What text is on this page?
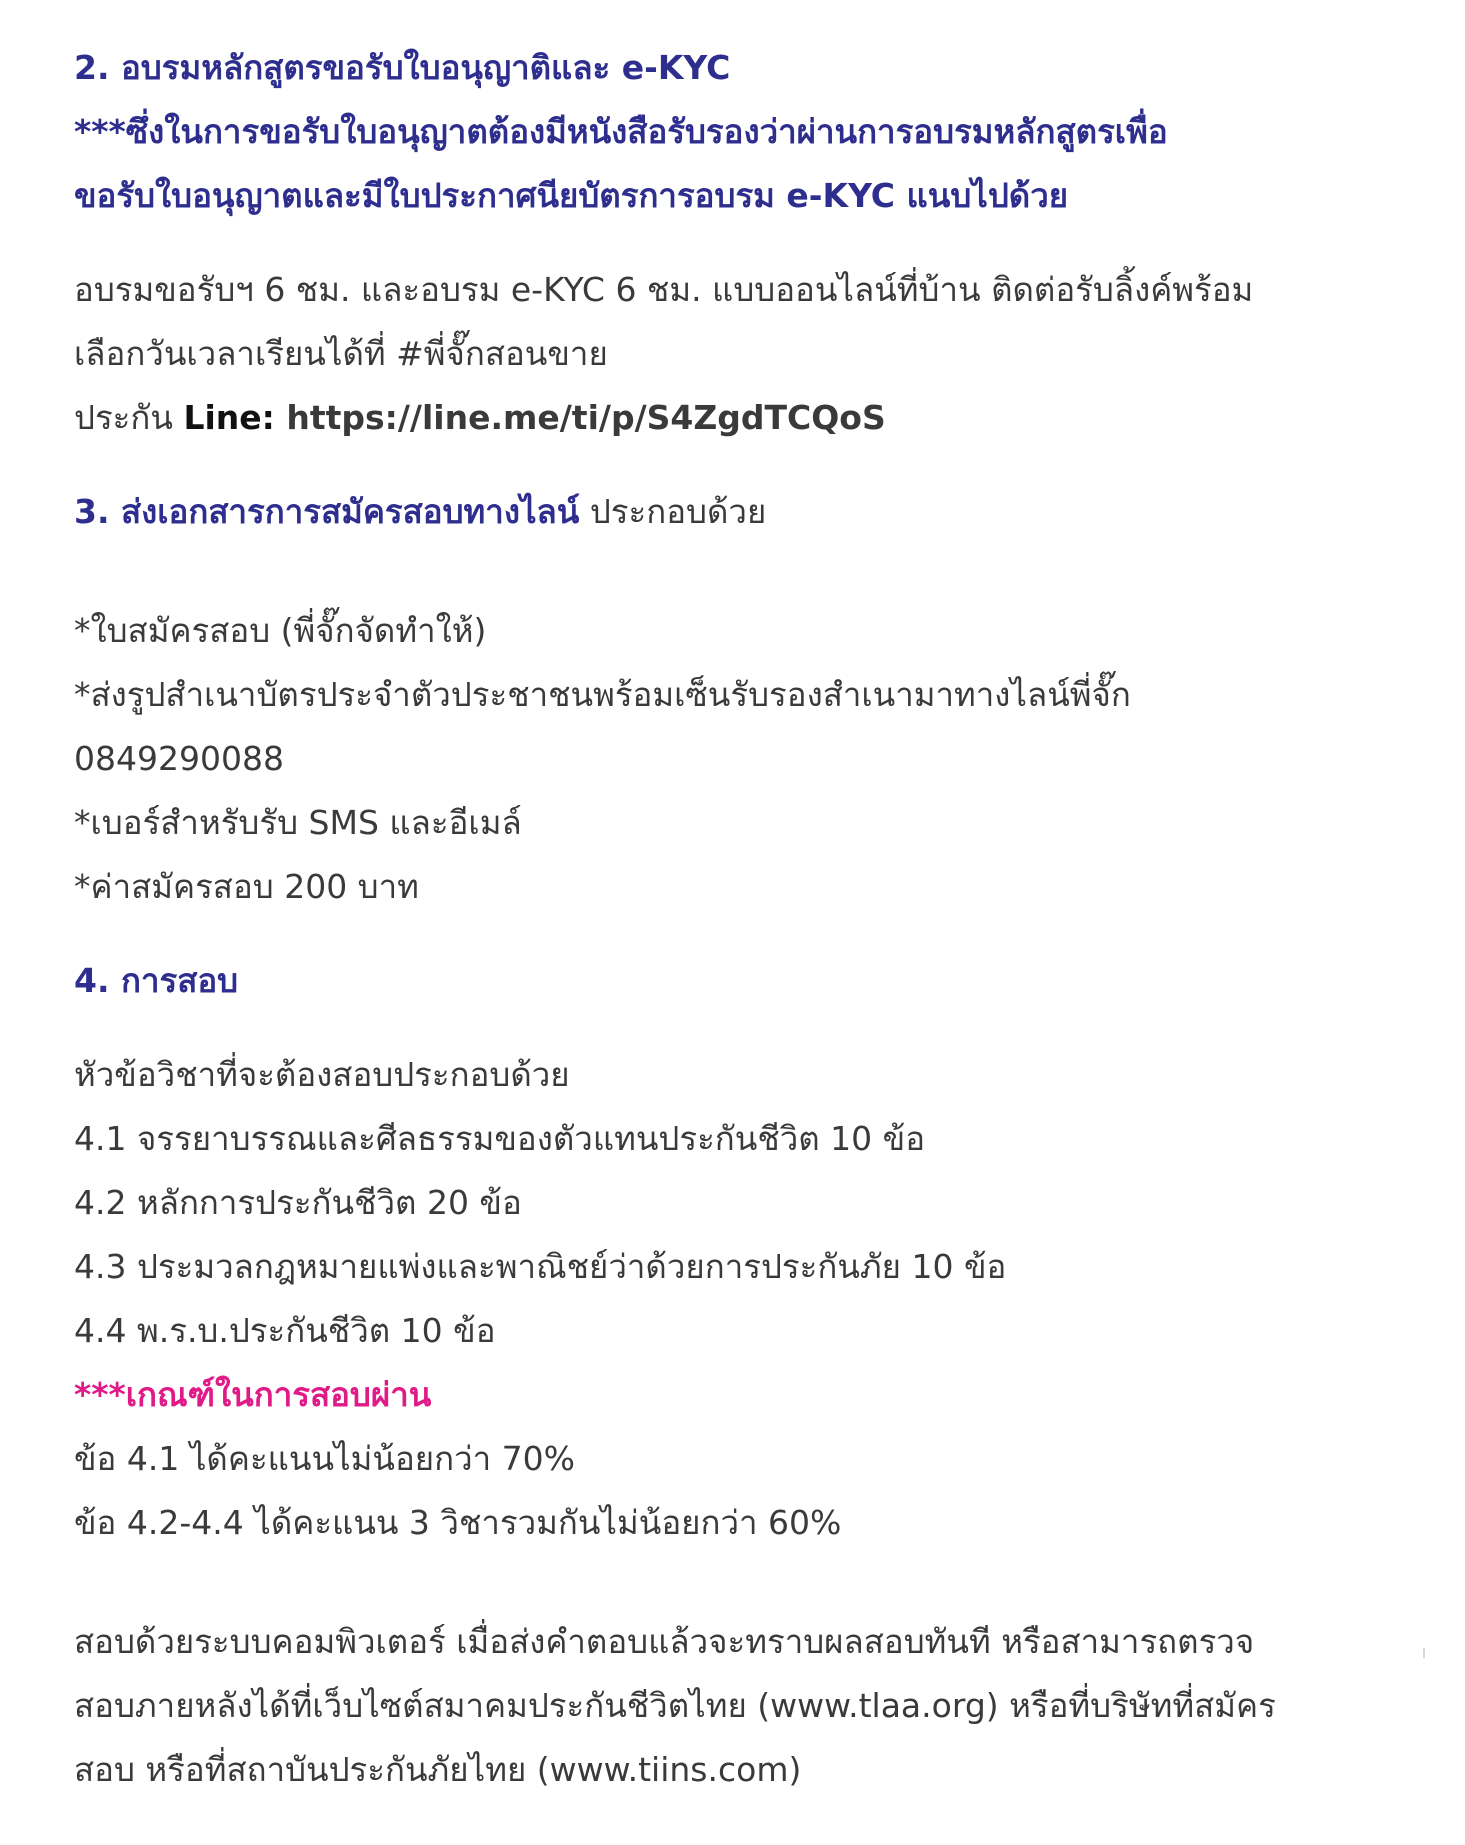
2. อบรมหลักสูตรขอรับใบอนุญาติและ e-KYC
***ซึ่งในการขอรับใบอนุญาตต้องมีหนังสือรับรองว่าผ่านการอบรมหลักสูตรเพื่อ
ขอรับใบอนุญาตและมีใบประกาศนียบัตรการอบรม e-KYC แนบไปด้วย
อบรมขอรับฯ 6 ชม. และอบรม e-KYC 6 ชม. แบบออนไลน์ที่บ้าน ติดต่อรับลิ้งค์พร้อม
เลือกวันเวลาเรียนได้ที่ #พี่จั๊กสอนขาย
ประกัน Line: https://line.me/ti/p/S4ZgdTCQoS
3. ส่งเอกสารการสมัครสอบทางไลน์ ประกอบด้วย
*ใบสมัครสอบ (พี่จั๊กจัดทำให้)
*ส่งรูปสำเนาบัตรประจำตัวประชาชนพร้อมเซ็นรับรองสำเนามาทางไลน์พี่จั๊ก
0849290088
*เบอร์สำหรับรับ SMS และอีเมล์
*ค่าสมัครสอบ 200 บาท
4. การสอบ
หัวข้อวิชาที่จะต้องสอบประกอบด้วย
4.1 จรรยาบรรณและศีลธรรมของตัวแทนประกันชีวิต 10 ข้อ
4.2 หลักการประกันชีวิต 20 ข้อ
4.3 ประมวลกฎหมายแพ่งและพาณิชย์ว่าด้วยการประกันภัย 10 ข้อ
4.4 พ.ร.บ.ประกันชีวิต 10 ข้อ
***เกณฑ์ในการสอบผ่าน
ข้อ 4.1 ได้คะแนนไม่น้อยกว่า 70%
ข้อ 4.2-4.4 ได้คะแนน 3 วิชารวมกันไม่น้อยกว่า 60%
สอบด้วยระบบคอมพิวเตอร์ เมื่อส่งคำตอบแล้วจะทราบผลสอบทันที หรือสามารถตรวจ
สอบภายหลังได้ที่เว็บไซต์สมาคมประกันชีวิตไทย (www.tlaa.org) หรือที่บริษัทที่สมัคร
สอบ หรือที่สถาบันประกันภัยไทย (www.tiins.com)
